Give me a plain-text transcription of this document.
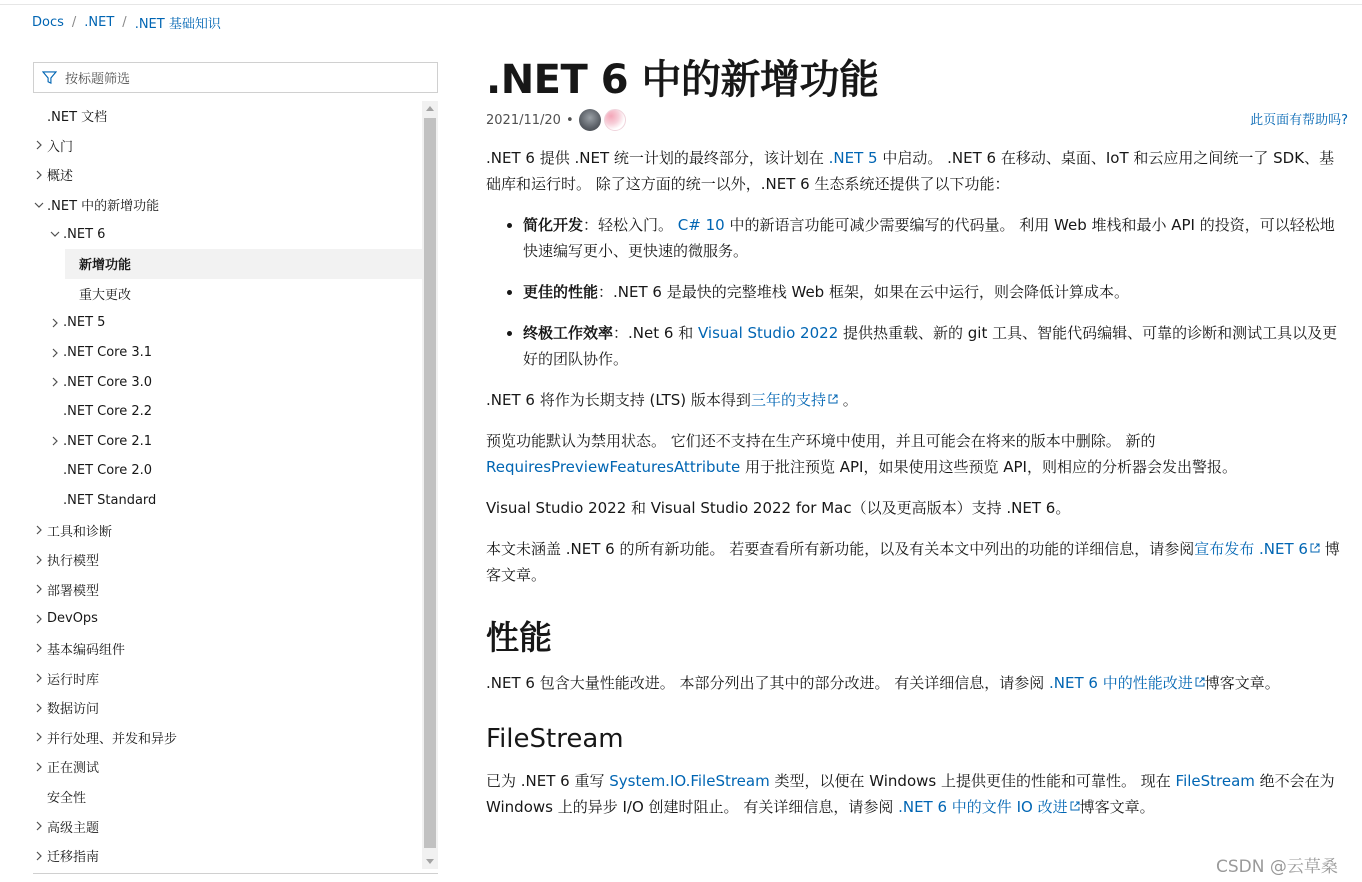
Docs / .NET / .NET 基础知识
按标题筛选
.NET 文档
入门
概述
.NET 中的新增功能
.NET 6
新增功能
重大更改
.NET 5
.NET Core 3.1
.NET Core 3.0
.NET Core 2.2
.NET Core 2.1
.NET Core 2.0
.NET Standard
工具和诊断
执行模型
部署模型
DevOps
基本编码组件
运行时库
数据访问
并行处理、并发和异步
正在测试
安全性
高级主题
迁移指南
.NET 6 中的新增功能
2021/11/20 •	此页面有帮助吗?

.NET 6 提供 .NET 统一计划的最终部分，该计划在 .NET 5 中启动。 .NET 6 在移动、桌面、IoT 和云应用之间统一了 SDK、基础库和运行时。 除了这方面的统一以外，.NET 6 生态系统还提供了以下功能：

• 简化开发：轻松入门。 C# 10 中的新语言功能可减少需要编写的代码量。 利用 Web 堆栈和最小 API 的投资，可以轻松地快速编写更小、更快速的微服务。
• 更佳的性能：.NET 6 是最快的完整堆栈 Web 框架，如果在云中运行，则会降低计算成本。
• 终极工作效率：.Net 6 和 Visual Studio 2022 提供热重载、新的 git 工具、智能代码编辑、可靠的诊断和测试工具以及更好的团队协作。

.NET 6 将作为长期支持 (LTS) 版本得到三年的支持 。

预览功能默认为禁用状态。 它们还不支持在生产环境中使用，并且可能会在将来的版本中删除。 新的 RequiresPreviewFeaturesAttribute 用于批注预览 API，如果使用这些预览 API，则相应的分析器会发出警报。

Visual Studio 2022 和 Visual Studio 2022 for Mac（以及更高版本）支持 .NET 6。

本文未涵盖 .NET 6 的所有新功能。 若要查看所有新功能，以及有关本文中列出的功能的详细信息，请参阅宣布发布 .NET 6 博客文章。

性能

.NET 6 包含大量性能改进。 本部分列出了其中的部分改进。 有关详细信息，请参阅 .NET 6 中的性能改进 博客文章。

FileStream

已为 .NET 6 重写 System.IO.FileStream 类型，以便在 Windows 上提供更佳的性能和可靠性。 现在 FileStream 绝不会在为 Windows 上的异步 I/O 创建时阻止。 有关详细信息，请参阅 .NET 6 中的文件 IO 改进 博客文章。

CSDN @云草桑
